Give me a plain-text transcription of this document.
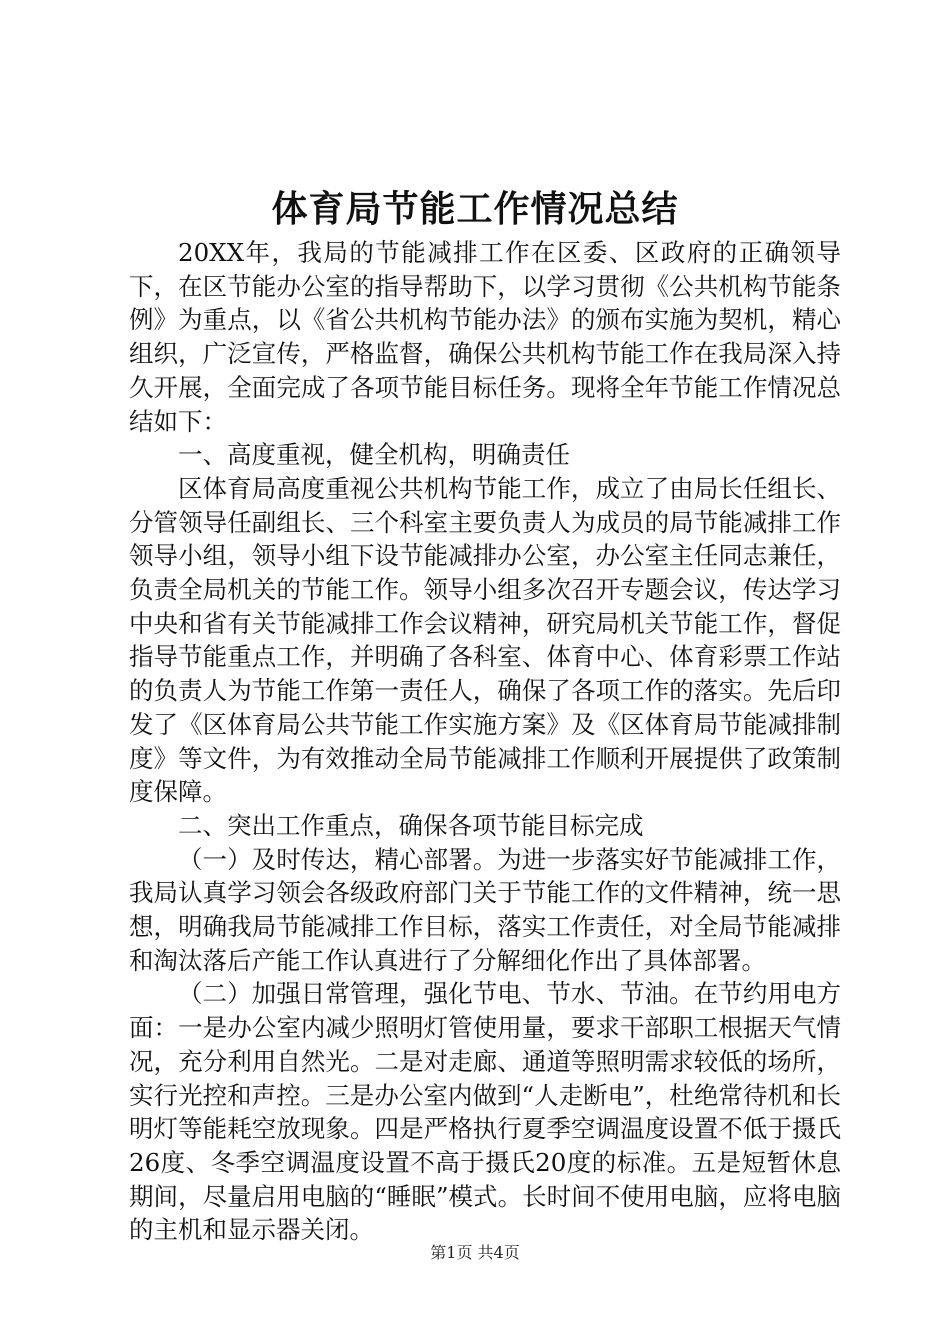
体育局节能工作情况总结

20XX年，我局的节能减排工作在区委、区政府的正确领导下，在区节能办公室的指导帮助下，以学习贯彻《公共机构节能条例》为重点，以《省公共机构节能办法》的颁布实施为契机，精心组织，广泛宣传，严格监督，确保公共机构节能工作在我局深入持久开展，全面完成了各项节能目标任务。现将全年节能工作情况总结如下：

一、高度重视，健全机构，明确责任

区体育局高度重视公共机构节能工作，成立了由局长任组长、分管领导任副组长、三个科室主要负责人为成员的局节能减排工作领导小组，领导小组下设节能减排办公室，办公室主任同志兼任，负责全局机关的节能工作。领导小组多次召开专题会议，传达学习中央和省有关节能减排工作会议精神，研究局机关节能工作，督促指导节能重点工作，并明确了各科室、体育中心、体育彩票工作站的负责人为节能工作第一责任人，确保了各项工作的落实。先后印发了《区体育局公共节能工作实施方案》及《区体育局节能减排制度》等文件，为有效推动全局节能减排工作顺利开展提供了政策制度保障。

二、突出工作重点，确保各项节能目标完成

（一）及时传达，精心部署。为进一步落实好节能减排工作，我局认真学习领会各级政府部门关于节能工作的文件精神，统一思想，明确我局节能减排工作目标，落实工作责任，对全局节能减排和淘汰落后产能工作认真进行了分解细化作出了具体部署。

（二）加强日常管理，强化节电、节水、节油。在节约用电方面：一是办公室内减少照明灯管使用量，要求干部职工根据天气情况，充分利用自然光。二是对走廊、通道等照明需求较低的场所，实行光控和声控。三是办公室内做到“人走断电”，杜绝常待机和长明灯等能耗空放现象。四是严格执行夏季空调温度设置不低于摄氏26度、冬季空调温度设置不高于摄氏20度的标准。五是短暂休息期间，尽量启用电脑的“睡眠”模式。长时间不使用电脑，应将电脑的主机和显示器关闭。

第1页 共4页
